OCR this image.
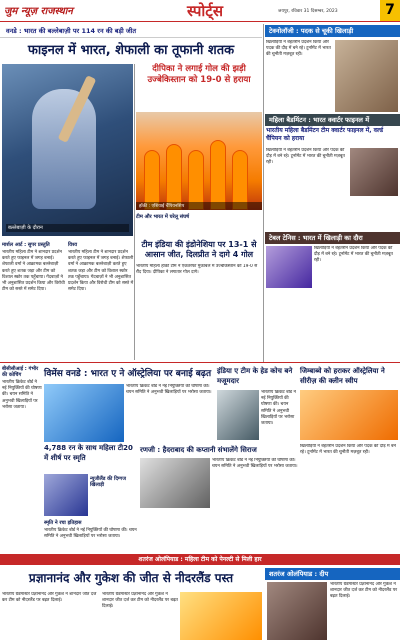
जुम न्यूज़ राजस्थान	स्पोर्ट्स	जयपुर, रविवार 31 दिसम्बर, 2023	7
वनडे : भारत की बल्लेबाज़ी पर 114 रन की बड़ी जीत
फाइनल में भारत, शेफाली का तूफानी शतक
बल्लेबाज़ी के दौरान
मार्शल आर्ट : सुपर प्रस्तुति
भारतीय महिला टीम ने शानदार प्रदर्शन करते हुए फाइनल में जगह बनाई। शेफाली वर्मा ने आक्रामक बल्लेबाज़ी करते हुए शतक जड़ा और टीम को विशाल स्कोर तक पहुँचाया। गेंदबाज़ों ने भी अनुशासित प्रदर्शन किया और विरोधी टीम को सस्ते में समेट दिया।
विश्व
भारतीय महिला टीम ने शानदार प्रदर्शन करते हुए फाइनल में जगह बनाई। शेफाली वर्मा ने आक्रामक बल्लेबाज़ी करते हुए शतक जड़ा और टीम को विशाल स्कोर तक पहुँचाया। गेंदबाज़ों ने भी अनुशासित प्रदर्शन किया और विरोधी टीम को सस्ते में समेट दिया।
टीम और भारत में घरेलू संघर्ष
दीपिका ने लगाई गोल की झड़ी उज्बेकिस्तान को 19-0 से हराया
हॉकी : एशियाई चैंपियनशिप
टीम इंडिया की इंडोनेशिया पर 13-1 से आसान जीत, दिलप्रीत ने दागे 4 गोल
भारतीय महिला हॉकी टीम ने एकतरफा मुकाबले में उज्बेकिस्तान को 19-0 से रौंद दिया। दीपिका ने लगातार गोल दागे।
टेक्नोलॉजी : पदक से चूकी खिलाड़ी
खिलाड़ियों ने बेहतरीन प्रदर्शन किया और पदक की दौड़ में बने रहे। टूर्नामेंट में भारत की चुनौती मज़बूत रही।
महिला बैडमिंटन : भारत क्वार्टर फाइनल में
भारतीय महिला बैडमिंटन टीम क्वार्टर फाइनल में, वर्ल्ड चैंपियन को हराया
खिलाड़ियों ने बेहतरीन प्रदर्शन किया और पदक की दौड़ में बने रहे। टूर्नामेंट में भारत की चुनौती मज़बूत रही।
टेबल टेनिस : भारत में खिलाड़ी का दौरा
खिलाड़ियों ने बेहतरीन प्रदर्शन किया और पदक की दौड़ में बने रहे। टूर्नामेंट में भारत की चुनौती मज़बूत रही।
बीसीसीआई : गंभीर की कोचिंग
भारतीय क्रिकेट बोर्ड ने नई नियुक्तियों की घोषणा की। चयन समिति ने अनुभवी खिलाड़ियों पर भरोसा जताया।
विमेंस वनडे : भारत ए ने ऑस्ट्रेलिया पर बनाई बढ़त
भारतीय क्रिकेट बोर्ड ने नई नियुक्तियों की घोषणा की। चयन समिति ने अनुभवी खिलाड़ियों पर भरोसा जताया।
इंडिया ए टीम के हेड कोच बने मजूमदार
भारतीय क्रिकेट बोर्ड ने नई नियुक्तियों की घोषणा की। चयन समिति ने अनुभवी खिलाड़ियों पर भरोसा जताया।
जिम्बाब्वे को हराकर ऑस्ट्रेलिया ने सीरीज़ की क्लीन स्वीप
रणजी : हैदराबाद की कप्तानी संभालेंगे सिराज
भारतीय क्रिकेट बोर्ड ने नई नियुक्तियों की घोषणा की। चयन समिति ने अनुभवी खिलाड़ियों पर भरोसा जताया।
4,788 रन के साथ महिला टी20 में शीर्ष पर स्मृति
न्यूजीलैंड की दिग्गज खिलाड़ी
स्मृति ने रचा इतिहास
भारतीय क्रिकेट बोर्ड ने नई नियुक्तियों की घोषणा की। चयन समिति ने अनुभवी खिलाड़ियों पर भरोसा जताया।
खिलाड़ियों ने बेहतरीन प्रदर्शन किया और पदक की दौड़ में बने रहे। टूर्नामेंट में भारत की चुनौती मज़बूत रही।
शतरंज ओलंपियाड : महिला टीम को पेनल्टी से मिली हार
प्रज्ञानानंद और गुकेश की जीत से नीदरलैंड पस्त
भारतीय ग्रैंडमास्टर प्रज्ञानानंद और गुकेश ने शानदार जीत दर्ज कर टीम को नीदरलैंड पर बढ़त दिलाई।
भारतीय ग्रैंडमास्टर प्रज्ञानानंद और गुकेश ने शानदार जीत दर्ज कर टीम को नीदरलैंड पर बढ़त दिलाई।
शतरंज ओलंपियाड : दीप
भारतीय ग्रैंडमास्टर प्रज्ञानानंद और गुकेश ने शानदार जीत दर्ज कर टीम को नीदरलैंड पर बढ़त दिलाई।
